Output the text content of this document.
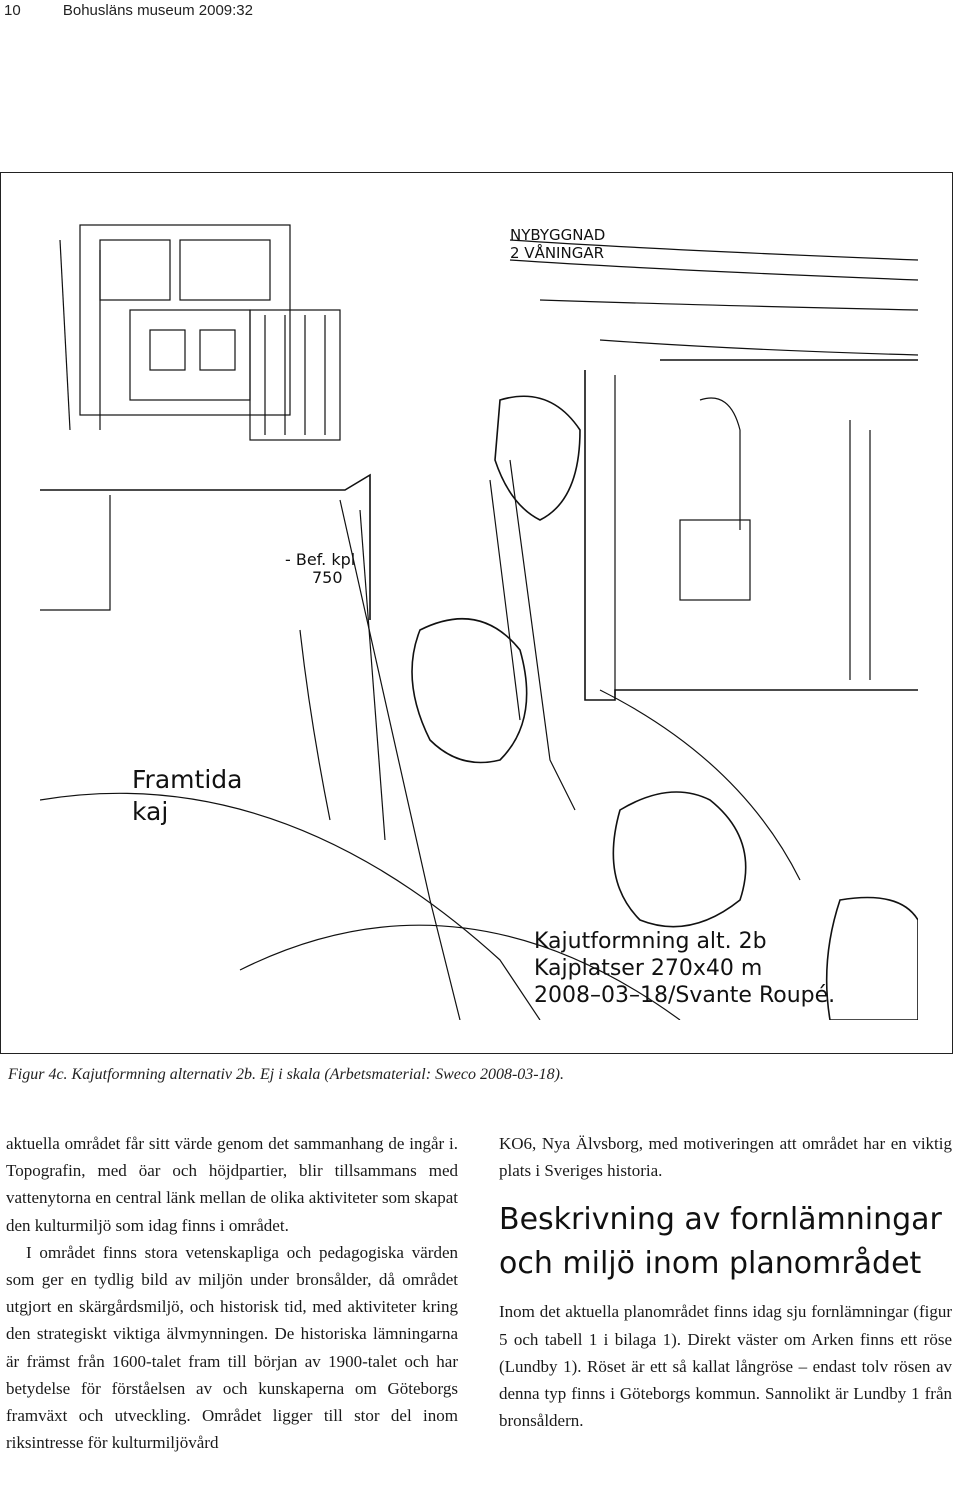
10	Bohusläns museum 2009:32
NYBYGGNAD
2 VÅNINGAR
- Bef. kpl
750
Framtida
kaj
Kajutformning alt. 2b
Kajplatser 270x40 m
2008–03–18/Svante Roupé.
Figur 4c. Kajutformning alternativ 2b. Ej i skala (Arbetsmaterial: Sweco 2008-03-18).

aktuella området får sitt värde genom det sammanhang de ingår i. Topografin, med öar och höjdpartier, blir tillsammans med vattenytorna en central länk mellan de olika aktiviteter som skapat den kulturmiljö som idag finns i området.

I området finns stora vetenskapliga och pedagogiska värden som ger en tydlig bild av miljön under bronsålder, då området utgjort en skärgårdsmiljö, och historisk tid, med aktiviteter kring den strategiskt viktiga älvmynningen. De historiska lämningarna är främst från 1600-talet fram till början av 1900-talet och har betydelse för förståelsen av och kunskaperna om Göteborgs framväxt och utveckling. Området ligger till stor del inom riksintresse för kulturmiljövård

KO6, Nya Älvsborg, med motiveringen att området har en viktig plats i Sveriges historia.

Beskrivning av fornlämningar och miljö inom planområdet

Inom det aktuella planområdet finns idag sju fornlämningar (figur 5 och tabell 1 i bilaga 1). Direkt väster om Arken finns ett röse (Lundby 1). Röset är ett så kallat långröse – endast tolv rösen av denna typ finns i Göteborgs kommun. Sannolikt är Lundby 1 från bronsåldern.
